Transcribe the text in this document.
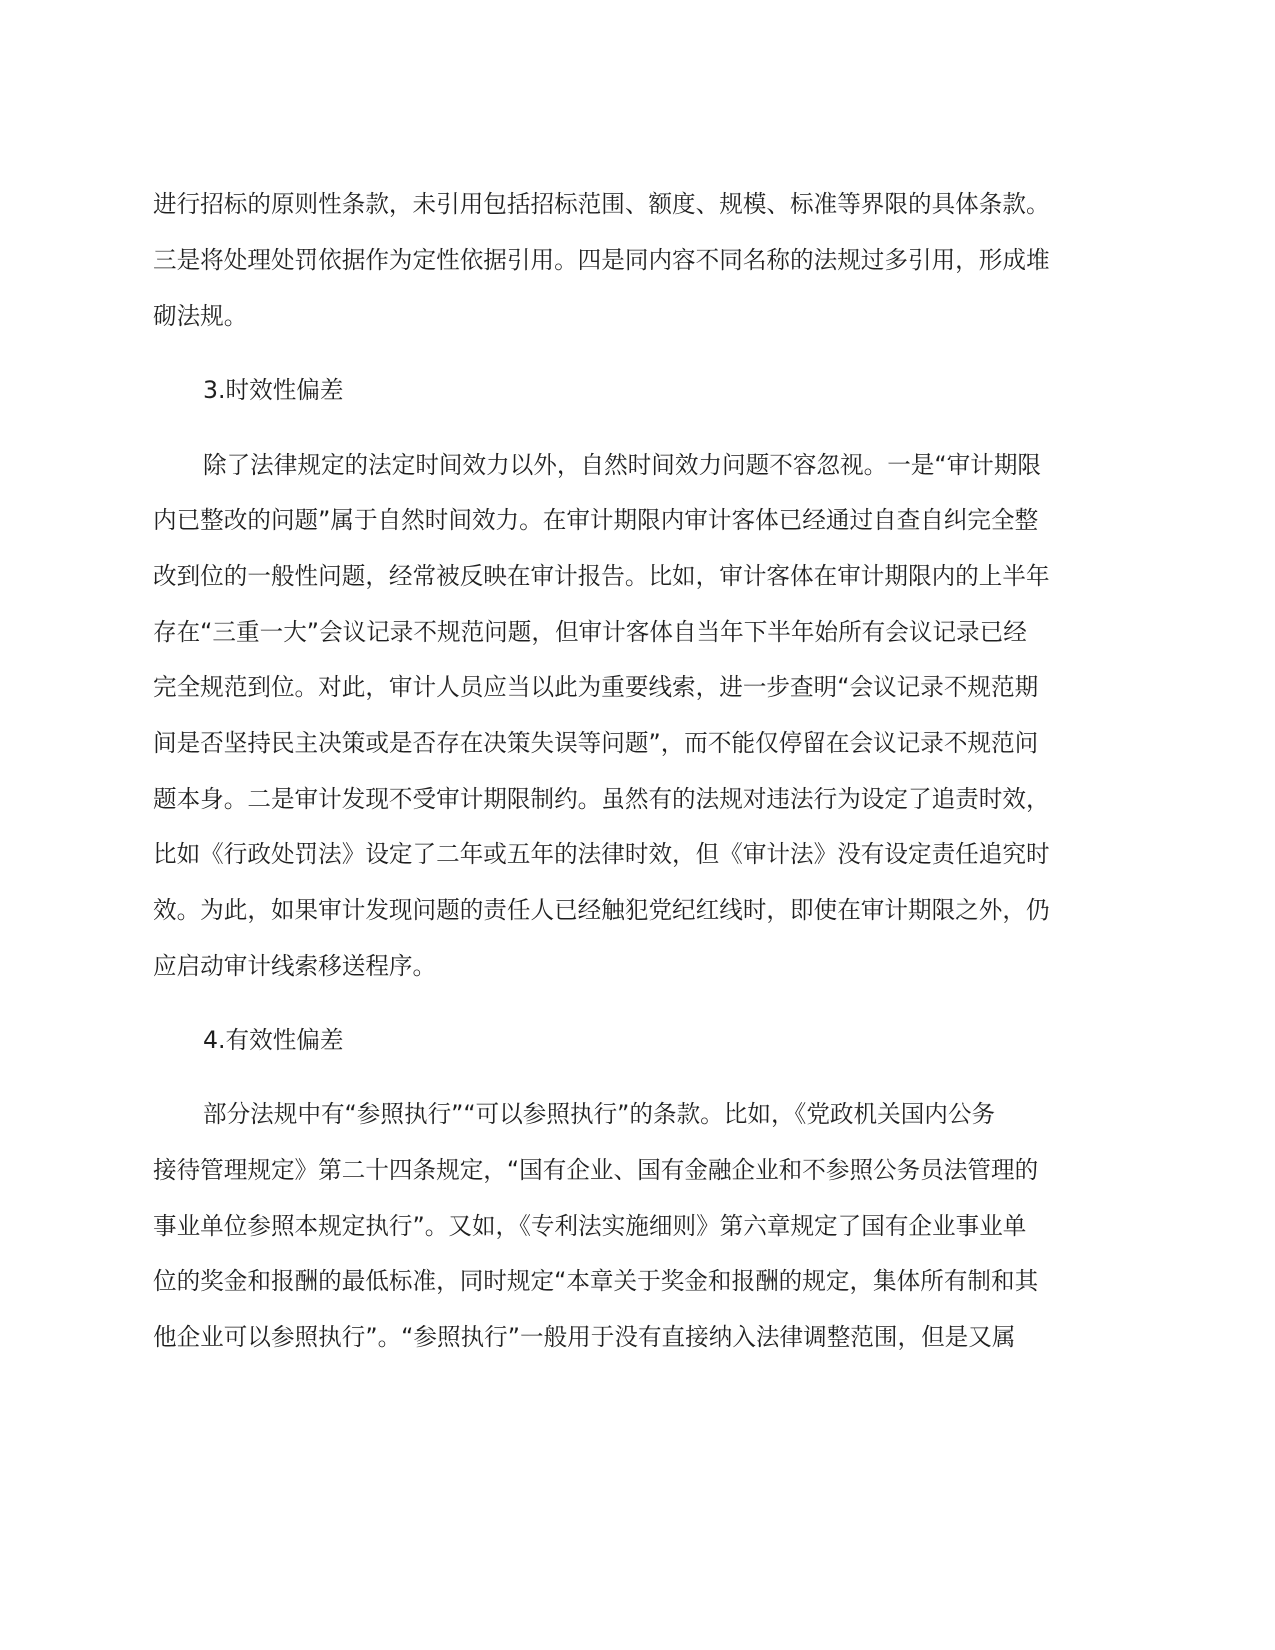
进行招标的原则性条款，未引用包括招标范围、额度、规模、标准等界限的具体条款。
三是将处理处罚依据作为定性依据引用。四是同内容不同名称的法规过多引用，形成堆
砌法规。
3.时效性偏差
除了法律规定的法定时间效力以外，自然时间效力问题不容忽视。一是“审计期限
内已整改的问题”属于自然时间效力。在审计期限内审计客体已经通过自查自纠完全整
改到位的一般性问题，经常被反映在审计报告。比如，审计客体在审计期限内的上半年
存在“三重一大”会议记录不规范问题，但审计客体自当年下半年始所有会议记录已经
完全规范到位。对此，审计人员应当以此为重要线索，进一步查明“会议记录不规范期
间是否坚持民主决策或是否存在决策失误等问题”，而不能仅停留在会议记录不规范问
题本身。二是审计发现不受审计期限制约。虽然有的法规对违法行为设定了追责时效，
比如《行政处罚法》设定了二年或五年的法律时效，但《审计法》没有设定责任追究时
效。为此，如果审计发现问题的责任人已经触犯党纪红线时，即使在审计期限之外，仍
应启动审计线索移送程序。
4.有效性偏差
部分法规中有“参照执行”“可以参照执行”的条款。比如，《党政机关国内公务
接待管理规定》第二十四条规定，“国有企业、国有金融企业和不参照公务员法管理的
事业单位参照本规定执行”。又如，《专利法实施细则》第六章规定了国有企业事业单
位的奖金和报酬的最低标准，同时规定“本章关于奖金和报酬的规定，集体所有制和其
他企业可以参照执行”。“参照执行”一般用于没有直接纳入法律调整范围，但是又属
